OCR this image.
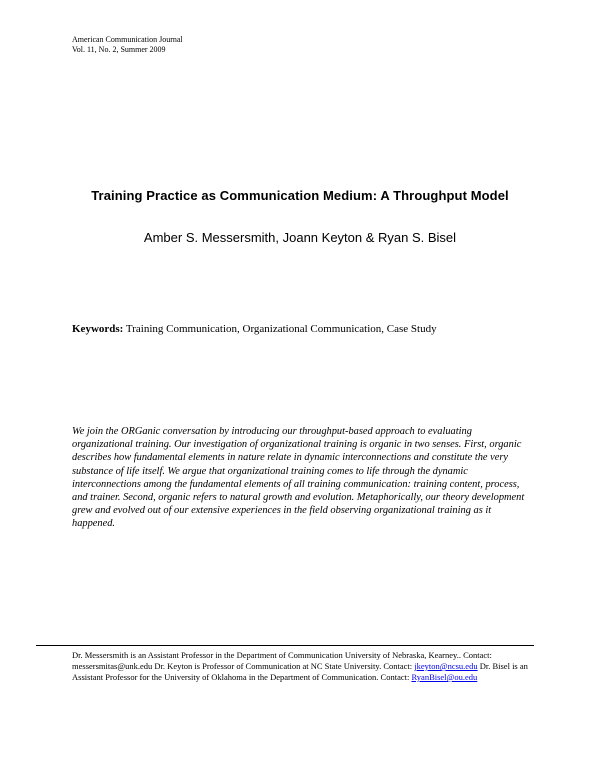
American Communication Journal
Vol. 11, No. 2, Summer 2009
Training Practice as Communication Medium: A Throughput Model
Amber S. Messersmith, Joann Keyton & Ryan S. Bisel
Keywords: Training Communication, Organizational Communication, Case Study
We join the ORGanic conversation by introducing our throughput-based approach to evaluating organizational training. Our investigation of organizational training is organic in two senses. First, organic describes how fundamental elements in nature relate in dynamic interconnections and constitute the very substance of life itself. We argue that organizational training comes to life through the dynamic interconnections among the fundamental elements of all training communication: training content, process, and trainer. Second, organic refers to natural growth and evolution. Metaphorically, our theory development grew and evolved out of our extensive experiences in the field observing organizational training as it happened.
Dr. Messersmith is an Assistant Professor in the Department of Communication University of Nebraska, Kearney.. Contact: messersmitas@unk.edu Dr. Keyton is Professor of Communication at NC State University. Contact: jkeyton@ncsu.edu Dr. Bisel is an Assistant Professor for the University of Oklahoma in the Department of Communication. Contact: RyanBisel@ou.edu
